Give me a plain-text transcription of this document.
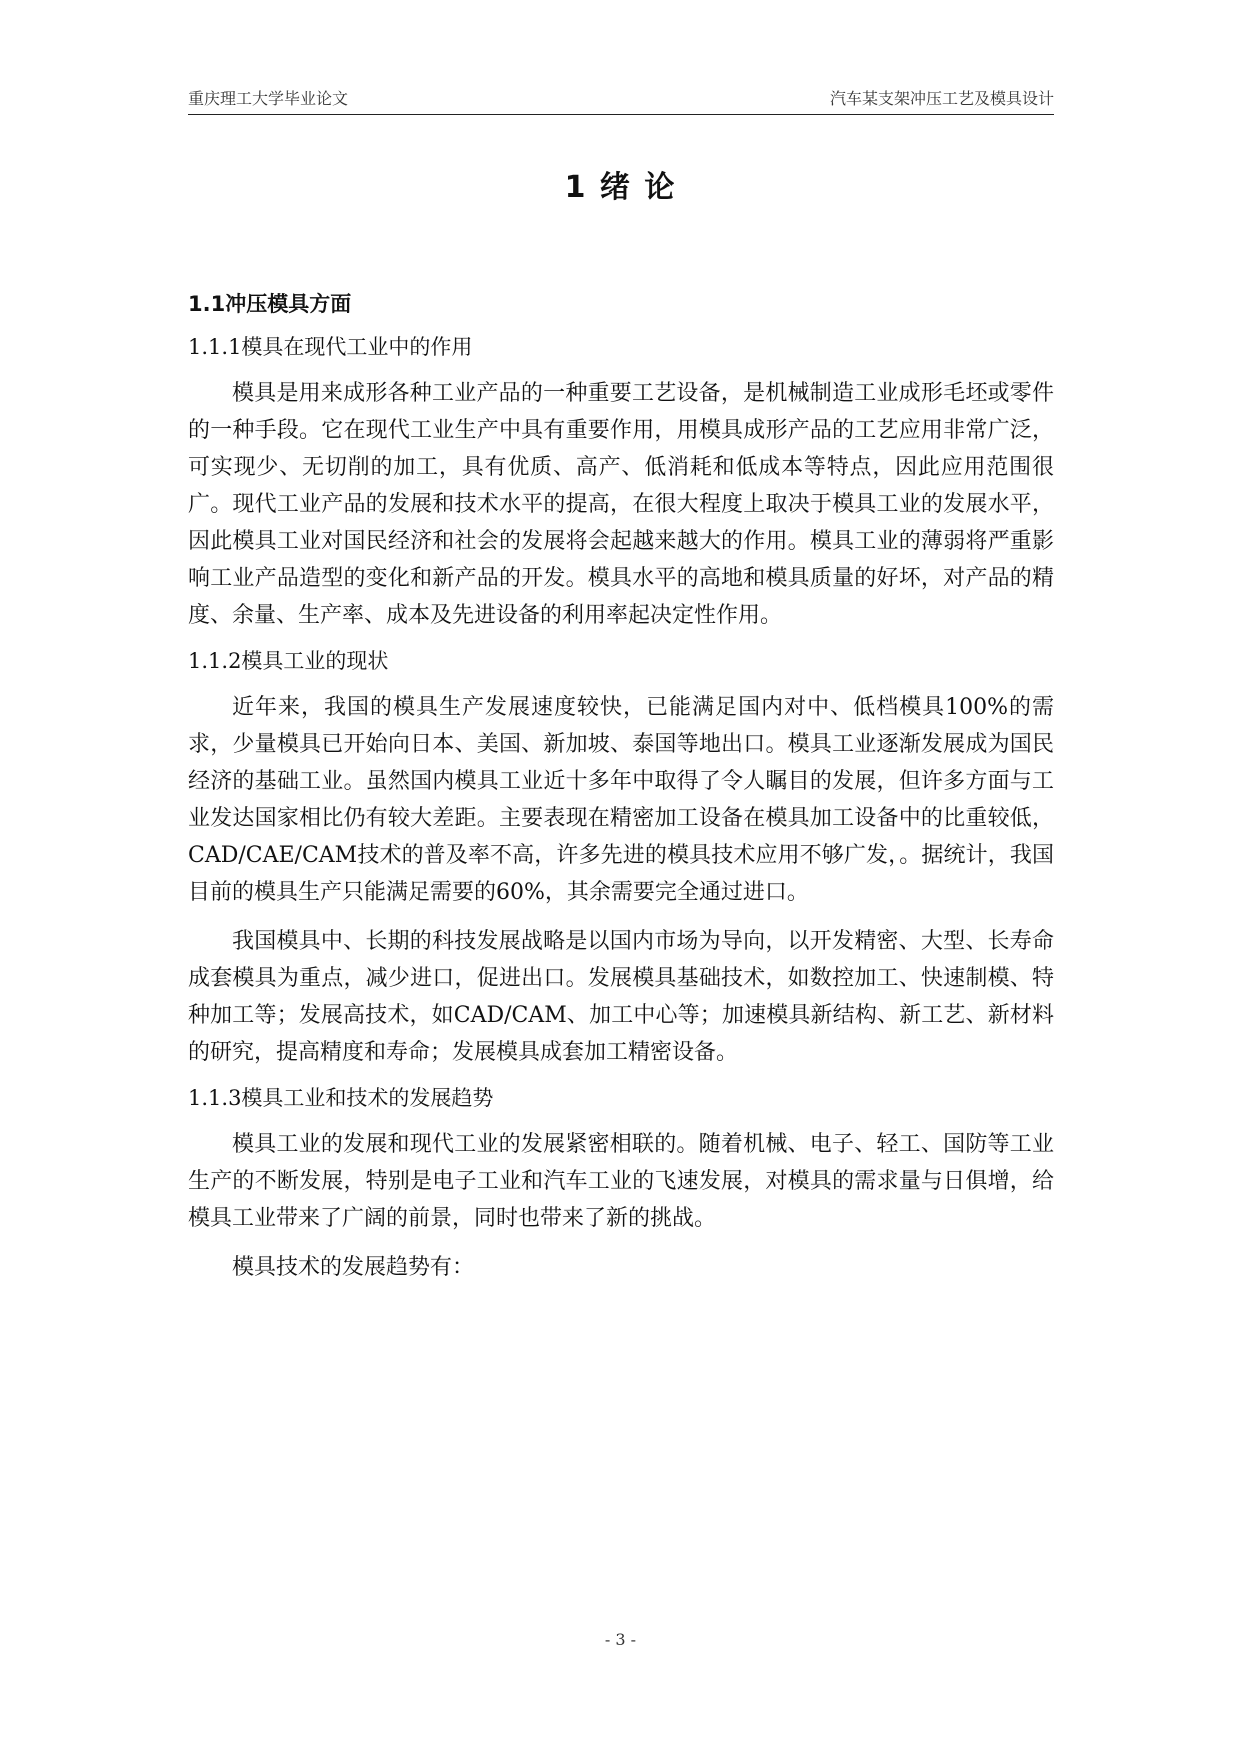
重庆理工大学毕业论文	汽车某支架冲压工艺及模具设计
1 绪 论
1.1冲压模具方面
1.1.1模具在现代工业中的作用

模具是用来成形各种工业产品的一种重要工艺设备，是机械制造工业成形毛坯或零件的一种手段。它在现代工业生产中具有重要作用，用模具成形产品的工艺应用非常广泛，可实现少、无切削的加工，具有优质、高产、低消耗和低成本等特点，因此应用范围很广。现代工业产品的发展和技术水平的提高，在很大程度上取决于模具工业的发展水平，因此模具工业对国民经济和社会的发展将会起越来越大的作用。模具工业的薄弱将严重影响工业产品造型的变化和新产品的开发。模具水平的高地和模具质量的好坏，对产品的精度、余量、生产率、成本及先进设备的利用率起决定性作用。

1.1.2模具工业的现状

近年来，我国的模具生产发展速度较快，已能满足国内对中、低档模具100%的需求，少量模具已开始向日本、美国、新加坡、泰国等地出口。模具工业逐渐发展成为国民经济的基础工业。虽然国内模具工业近十多年中取得了令人瞩目的发展，但许多方面与工业发达国家相比仍有较大差距。主要表现在精密加工设备在模具加工设备中的比重较低，CAD/CAE/CAM技术的普及率不高，许多先进的模具技术应用不够广发，。据统计，我国目前的模具生产只能满足需要的60%，其余需要完全通过进口。

我国模具中、长期的科技发展战略是以国内市场为导向，以开发精密、大型、长寿命成套模具为重点，减少进口，促进出口。发展模具基础技术，如数控加工、快速制模、特种加工等；发展高技术，如CAD/CAM、加工中心等；加速模具新结构、新工艺、新材料的研究，提高精度和寿命；发展模具成套加工精密设备。

1.1.3模具工业和技术的发展趋势

模具工业的发展和现代工业的发展紧密相联的。随着机械、电子、轻工、国防等工业生产的不断发展，特别是电子工业和汽车工业的飞速发展，对模具的需求量与日俱增，给模具工业带来了广阔的前景，同时也带来了新的挑战。

模具技术的发展趋势有：

- 3 -
